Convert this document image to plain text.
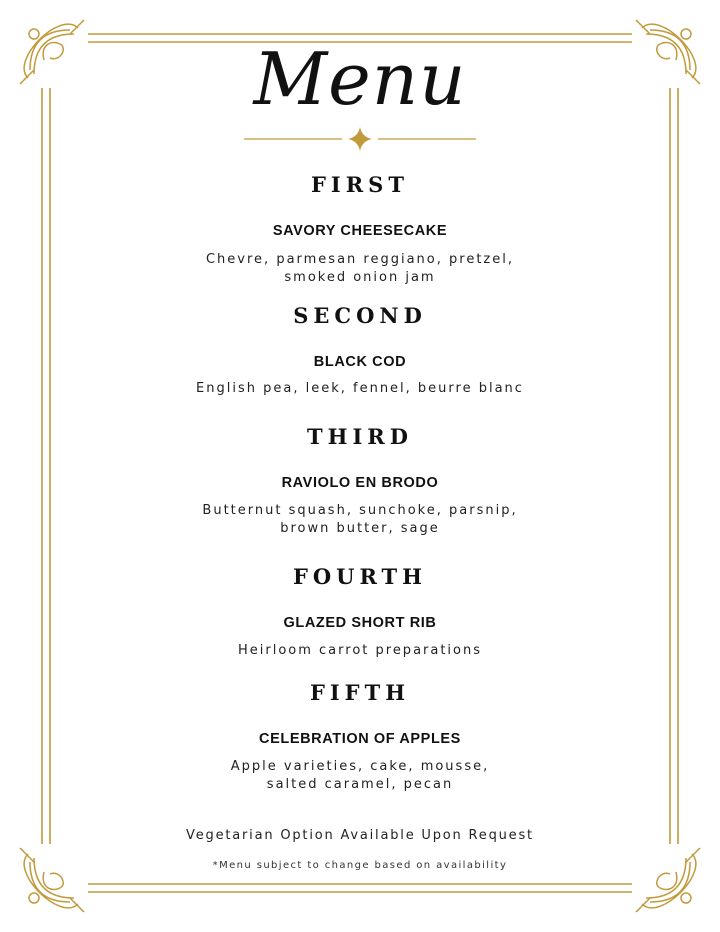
Menu
FIRST
SAVORY CHEESECAKE
Chevre, parmesan reggiano, pretzel,
smoked onion jam
SECOND
BLACK COD
English pea, leek, fennel, beurre blanc
THIRD
RAVIOLO EN BRODO
Butternut squash, sunchoke, parsnip,
brown butter, sage
FOURTH
GLAZED SHORT RIB
Heirloom carrot preparations
FIFTH
CELEBRATION OF APPLES
Apple varieties, cake, mousse,
salted caramel, pecan
Vegetarian Option Available Upon Request
*Menu subject to change based on availability
